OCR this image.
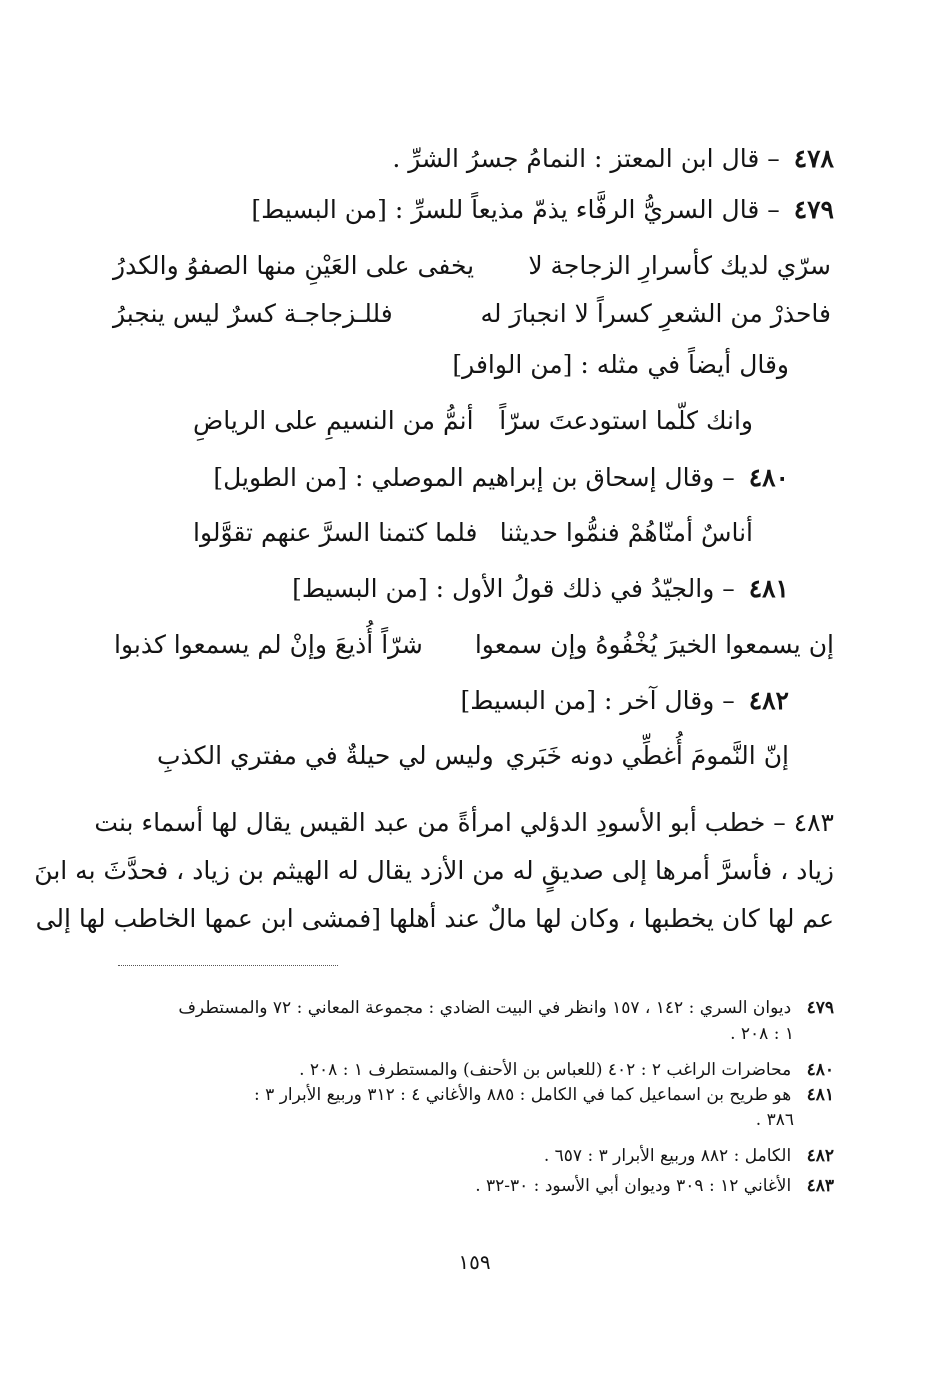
٤٧٨ – قال ابن المعتز : النمامُ جسرُ الشرِّ .
٤٧٩ – قال السريُّ الرفَّاء يذمّ مذيعاً للسرِّ : [من البسيط]
سرّي لديك كأسرارِ الزجاجة لا
يخفى على العَيْنِ منها الصفوُ والكدرُ
فاحذرْ من الشعرِ كسراً لا انجبارَ له
فللـزجاجـة كسرٌ ليس ينجبرُ
وقال أيضاً في مثله : [من الوافر]
وانك كلّما استودعتَ سرّاً
أنمُّ من النسيمِ على الرياضِ
٤٨٠ – وقال إسحاق بن إبراهيم الموصلي : [من الطويل]
أناسٌ أمنّاهُمْ فنمُّوا حديثنا
فلما كتمنا السرَّ عنهم تقوَّلوا
٤٨١ – والجيّدُ في ذلك قولُ الأول : [من البسيط]
إن يسمعوا الخيرَ يُخْفُوهُ وإن سمعوا
شرّاً أُذيعَ وإنْ لم يسمعوا كذبوا
٤٨٢ – وقال آخر : [من البسيط]
إنّ النَّمومَ أُغطِّي دونه خَبَري
وليس لي حيلةٌ في مفتري الكذبِ
٤٨٣ – خطب أبو الأسودِ الدؤلي امرأةً من عبد القيس يقال لها أسماء بنت
زياد ، فأسرَّ أمرها إلى صديقٍ له من الأزد يقال له الهيثم بن زياد ، فحدَّثَ به ابنَ
عم لها كان يخطبها ، وكان لها مالٌ عند أهلها [فمشى ابن عمها الخاطب لها إلى
٤٧٩ ديوان السري : ١٤٢ ، ١٥٧ وانظر في البيت الضادي : مجموعة المعاني : ٧٢ والمستطرف
١ : ٢٠٨ .
٤٨٠ محاضرات الراغب ٢ : ٤٠٢ (للعباس بن الأحنف) والمستطرف ١ : ٢٠٨ .
٤٨١ هو طريح بن اسماعيل كما في الكامل : ٨٨٥ والأغاني ٤ : ٣١٢ وربيع الأبرار ٣ :
٣٨٦ .
٤٨٢ الكامل : ٨٨٢ وربيع الأبرار ٣ : ٦٥٧ .
٤٨٣ الأغاني ١٢ : ٣٠٩ وديوان أبي الأسود : ٣٠-٣٢ .
١٥٩
